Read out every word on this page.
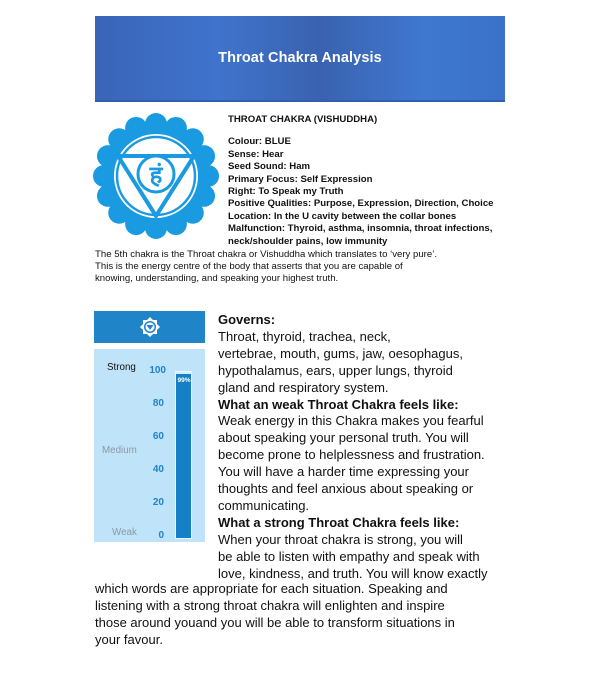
Throat Chakra Analysis
हं
THROAT CHAKRA (VISHUDDHA)
Colour: BLUE
Sense: Hear
Seed Sound: Ham
Primary Focus: Self Expression
Right: To Speak my Truth
Positive Qualities: Purpose, Expression, Direction, Choice
Location: In the U cavity between the collar bones
Malfunction: Thyroid, asthma, insomnia, throat infections,
neck/shoulder pains, low immunity
The 5th chakra is the Throat chakra or Vishuddha which translates to ‘very pure’.
This is the energy centre of the body that asserts that you are capable of
knowing, understanding, and speaking your highest truth.
Strong
Medium
Weak
100
80
60
40
20
0
99%
Governs:
Throat, thyroid, trachea, neck,
vertebrae, mouth, gums, jaw, oesophagus,
hypothalamus, ears, upper lungs, thyroid
gland and respiratory system.
What an weak Throat Chakra feels like:
Weak energy in this Chakra makes you fearful
about speaking your personal truth. You will
become prone to helplessness and frustration.
You will have a harder time expressing your
thoughts and feel anxious about speaking or
communicating.
What a strong Throat Chakra feels like:
When your throat chakra is strong, you will
be able to listen with empathy and speak with
love, kindness, and truth. You will know exactly
which words are appropriate for each situation. Speaking and
listening with a strong throat chakra will enlighten and inspire
those around youand you will be able to transform situations in
your favour.
